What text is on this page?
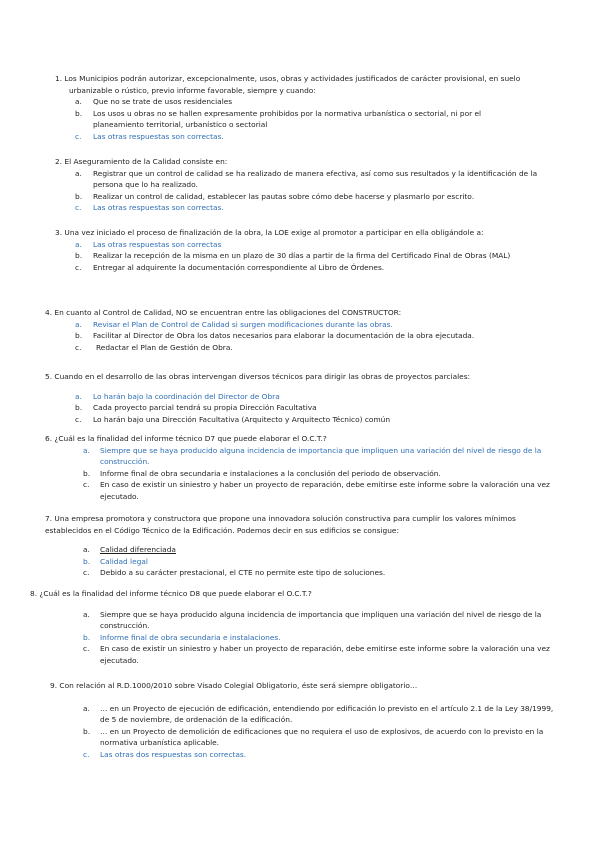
1. Los Municipios podrán autorizar, excepcionalmente, usos, obras y actividades justificados de carácter provisional, en suelo urbanizable o rústico, previo informe favorable, siempre y cuando:

a. Que no se trate de usos residenciales
b. Los usos u obras no se hallen expresamente prohibidos por la normativa urbanística o sectorial, ni por el planeamiento territorial, urbanístico o sectorial
c. Las otras respuestas son correctas.

2. El Aseguramiento de la Calidad consiste en:

a. Registrar que un control de calidad se ha realizado de manera efectiva, así como sus resultados y la identificación de la persona que lo ha realizado.
b. Realizar un control de calidad, establecer las pautas sobre cómo debe hacerse y plasmarlo por escrito.
c. Las otras respuestas son correctas.

3. Una vez iniciado el proceso de finalización de la obra, la LOE exige al promotor a participar en ella obligándole a:

a. Las otras respuestas son correctas
b. Realizar la recepción de la misma en un plazo de 30 días a partir de la firma del Certificado Final de Obras (MAL)
c. Entregar al adquirente la documentación correspondiente al Libro de Órdenes.

4. En cuanto al Control de Calidad, NO se encuentran entre las obligaciones del CONSTRUCTOR:

a. Revisar el Plan de Control de Calidad si surgen modificaciones durante las obras.
b. Facilitar al Director de Obra los datos necesarios para elaborar la documentación de la obra ejecutada.
c. Redactar el Plan de Gestión de Obra.

5. Cuando en el desarrollo de las obras intervengan diversos técnicos para dirigir las obras de proyectos parciales:

a. Lo harán bajo la coordinación del Director de Obra
b. Cada proyecto parcial tendrá su propia Dirección Facultativa
c. Lo harán bajo una Dirección Facultativa (Arquitecto y Arquitecto Técnico) común

6. ¿Cuál es la finalidad del informe técnico D7 que puede elaborar el O.C.T.?

a. Siempre que se haya producido alguna incidencia de importancia que impliquen una variación del nivel de riesgo de la construcción.
b. Informe final de obra secundaria e instalaciones a la conclusión del periodo de observación.
c. En caso de existir un siniestro y haber un proyecto de reparación, debe emitirse este informe sobre la valoración una vez ejecutado.

7. Una empresa promotora y constructora que propone una innovadora solución constructiva para cumplir los valores mínimos establecidos en el Código Técnico de la Edificación. Podemos decir en sus edificios se consigue:

a. Calidad diferenciada
b. Calidad legal
c. Debido a su carácter prestacional, el CTE no permite este tipo de soluciones.

8. ¿Cuál es la finalidad del informe técnico D8 que puede elaborar el O.C.T.?

a. Siempre que se haya producido alguna incidencia de importancia que impliquen una variación del nivel de riesgo de la construcción.
b. Informe final de obra secundaria e instalaciones.
c. En caso de existir un siniestro y haber un proyecto de reparación, debe emitirse este informe sobre la valoración una vez ejecutado.

9. Con relación al R.D.1000/2010 sobre Visado Colegial Obligatorio, éste será siempre obligatorio…

a. … en un Proyecto de ejecución de edificación, entendiendo por edificación lo previsto en el artículo 2.1 de la Ley 38/1999, de 5 de noviembre, de ordenación de la edificación.
b. … en un Proyecto de demolición de edificaciones que no requiera el uso de explosivos, de acuerdo con lo previsto en la normativa urbanística aplicable.
c. Las otras dos respuestas son correctas.
